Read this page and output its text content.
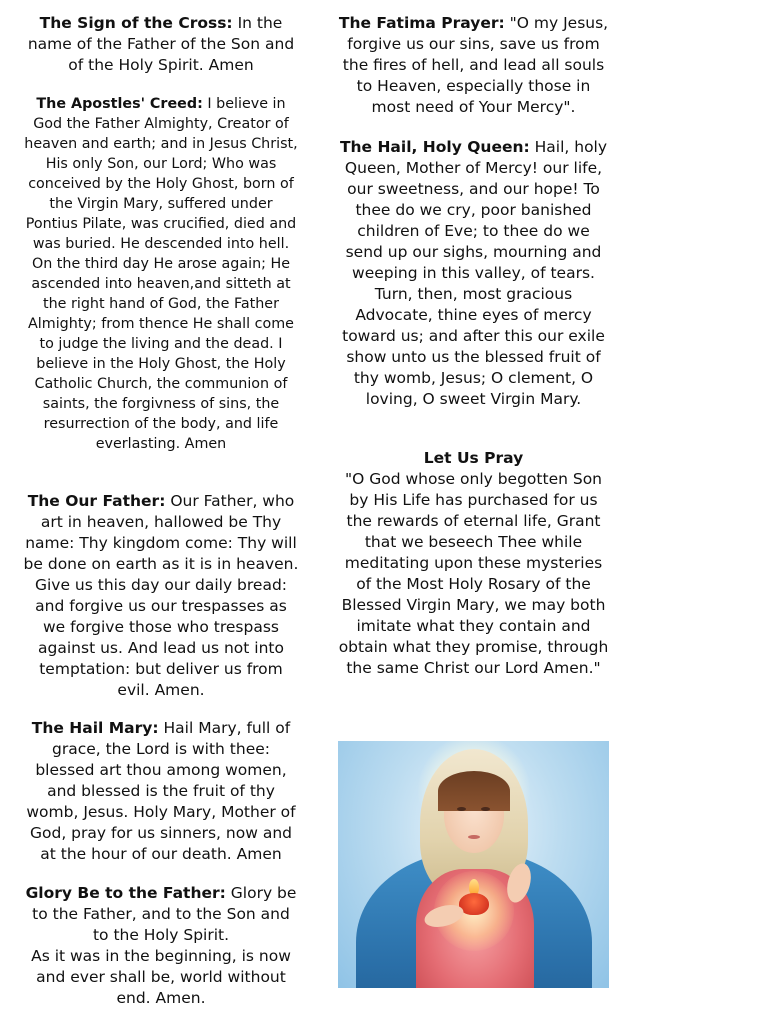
The Sign of the Cross: In the name of the Father of the Son and of the Holy Spirit. Amen

The Apostles' Creed: I believe in God the Father Almighty, Creator of heaven and earth; and in Jesus Christ, His only Son, our Lord; Who was conceived by the Holy Ghost, born of the Virgin Mary, suffered under Pontius Pilate, was crucified, died and was buried. He descended into hell. On the third day He arose again; He ascended into heaven,and sitteth at the right hand of God, the Father Almighty; from thence He shall come to judge the living and the dead. I believe in the Holy Ghost, the Holy Catholic Church, the communion of saints, the forgivness of sins, the resurrection of the body, and life everlasting. Amen

The Our Father: Our Father, who art in heaven, hallowed be Thy name: Thy kingdom come: Thy will be done on earth as it is in heaven. Give us this day our daily bread: and forgive us our trespasses as we forgive those who trespass against us. And lead us not into temptation: but deliver us from evil. Amen.

The Hail Mary: Hail Mary, full of grace, the Lord is with thee: blessed art thou among women, and blessed is the fruit of thy womb, Jesus. Holy Mary, Mother of God, pray for us sinners, now and at the hour of our death. Amen

Glory Be to the Father: Glory be to the Father, and to the Son and to the Holy Spirit.
As it was in the beginning, is now and ever shall be, world without end. Amen.

The Fatima Prayer: "O my Jesus, forgive us our sins, save us from the fires of hell, and lead all souls to Heaven, especially those in most need of Your Mercy".

The Hail, Holy Queen: Hail, holy Queen, Mother of Mercy! our life, our sweetness, and our hope! To thee do we cry, poor banished children of Eve; to thee do we send up our sighs, mourning and weeping in this valley, of tears. Turn, then, most gracious Advocate, thine eyes of mercy toward us; and after this our exile show unto us the blessed fruit of thy womb, Jesus; O clement, O loving, O sweet Virgin Mary.

Let Us Pray
"O God whose only begotten Son by His Life has purchased for us the rewards of eternal life, Grant that we beseech Thee while meditating upon these mysteries of the Most Holy Rosary of the Blessed Virgin Mary, we may both imitate what they contain and obtain what they promise, through the same Christ our Lord Amen."
